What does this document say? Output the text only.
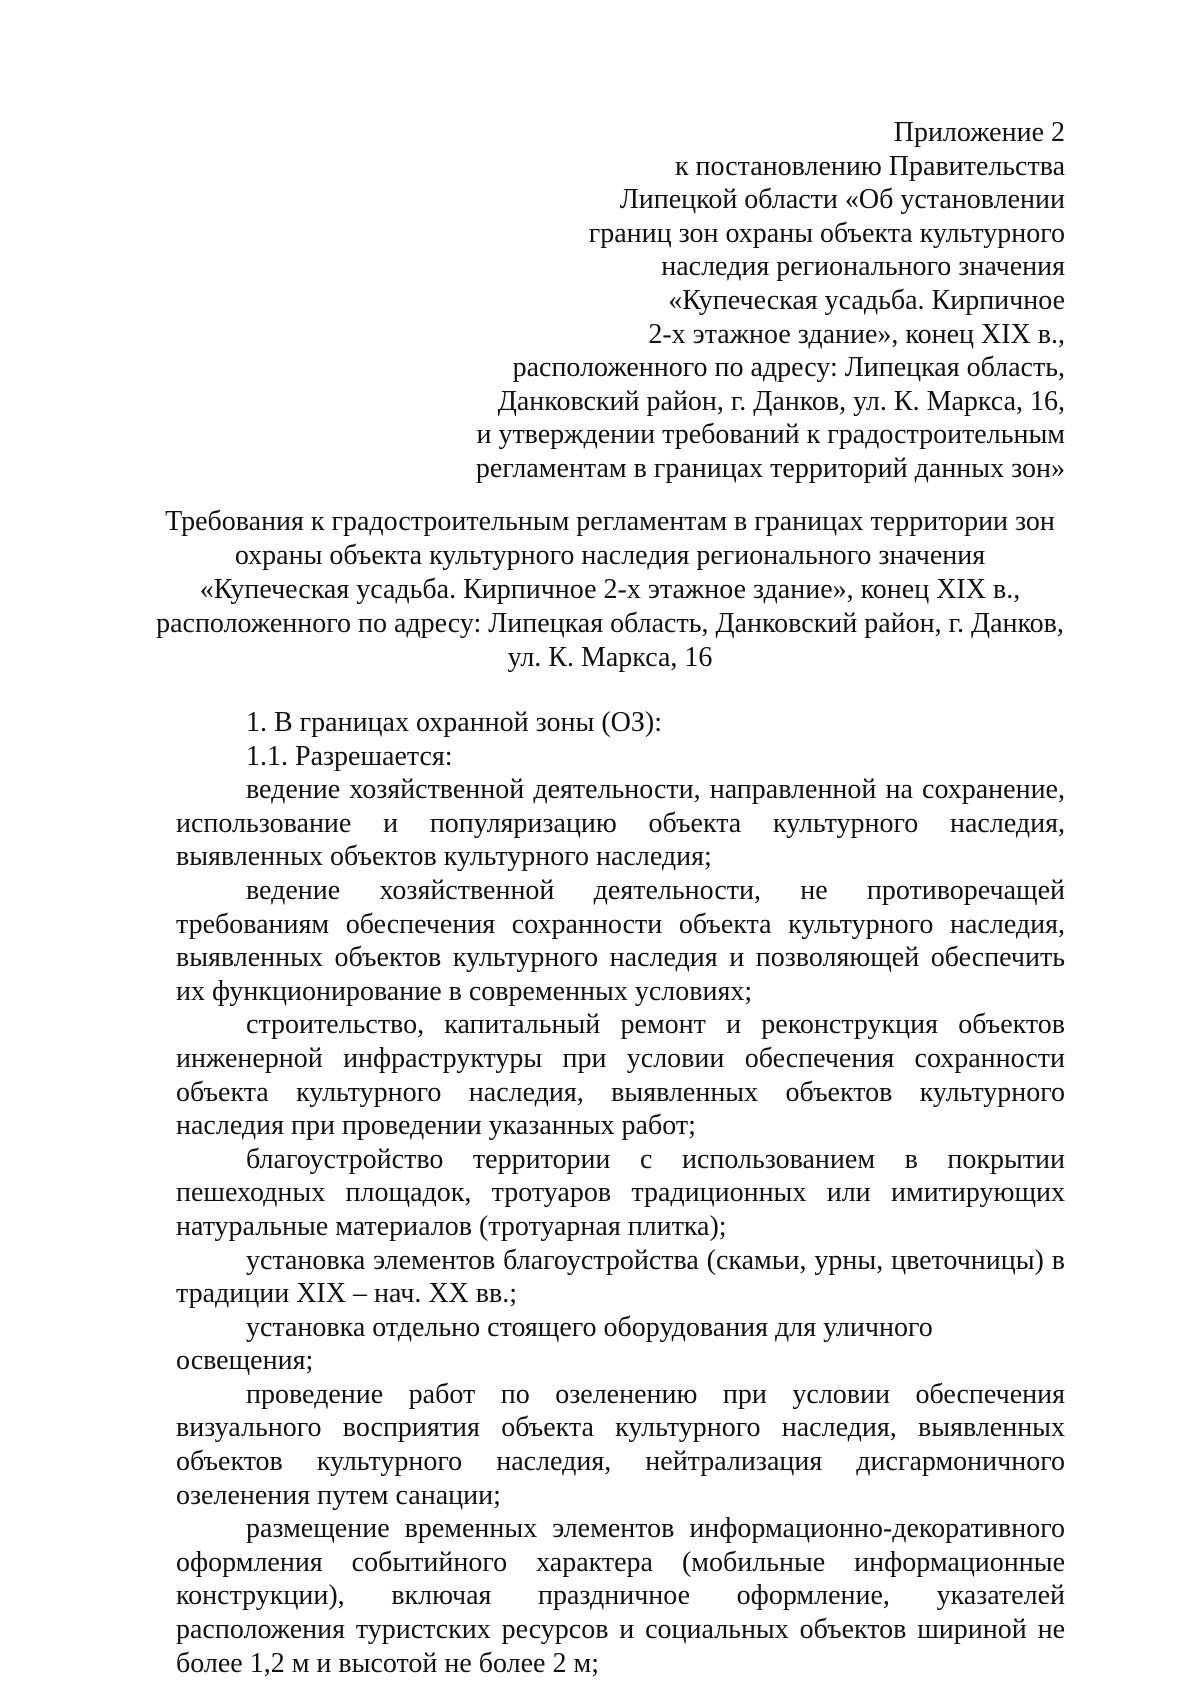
Приложение 2
к постановлению Правительства
Липецкой области «Об установлении
границ зон охраны объекта культурного
наследия регионального значения
«Купеческая усадьба. Кирпичное
2-х этажное здание», конец XIX в.,
расположенного по адресу: Липецкая область,
Данковский район, г. Данков, ул. К. Маркса, 16,
и утверждении требований к градостроительным
регламентам в границах территорий данных зон»
Требования к градостроительным регламентам в границах территории зон
охраны объекта культурного наследия регионального значения
«Купеческая усадьба. Кирпичное 2-х этажное здание», конец XIX в.,
расположенного по адресу: Липецкая область, Данковский район, г. Данков,
ул. К. Маркса, 16

1. В границах охранной зоны (ОЗ):

1.1. Разрешается:

ведение хозяйственной деятельности, направленной на сохранение, использование и популяризацию объекта культурного наследия, выявленных объектов культурного наследия;

ведение хозяйственной деятельности, не противоречащей требованиям обеспечения сохранности объекта культурного наследия, выявленных объектов культурного наследия и позволяющей обеспечить их функционирование в современных условиях;

строительство, капитальный ремонт и реконструкция объектов инженерной инфраструктуры при условии обеспечения сохранности объекта культурного наследия, выявленных объектов культурного наследия при проведении указанных работ;

благоустройство территории с использованием в покрытии пешеходных площадок, тротуаров традиционных или имитирующих натуральные материалов (тротуарная плитка);

установка элементов благоустройства (скамьи, урны, цветочницы) в традиции XIX – нач. XX вв.;

установка отдельно стоящего оборудования для уличного освещения;

проведение работ по озеленению при условии обеспечения визуального восприятия объекта культурного наследия, выявленных объектов культурного наследия, нейтрализация дисгармоничного озеленения путем санации;

размещение временных элементов информационно-декоративного оформления событийного характера (мобильные информационные конструкции), включая праздничное оформление, указателей расположения туристских ресурсов и социальных объектов шириной не более 1,2 м и высотой не более 2 м;
